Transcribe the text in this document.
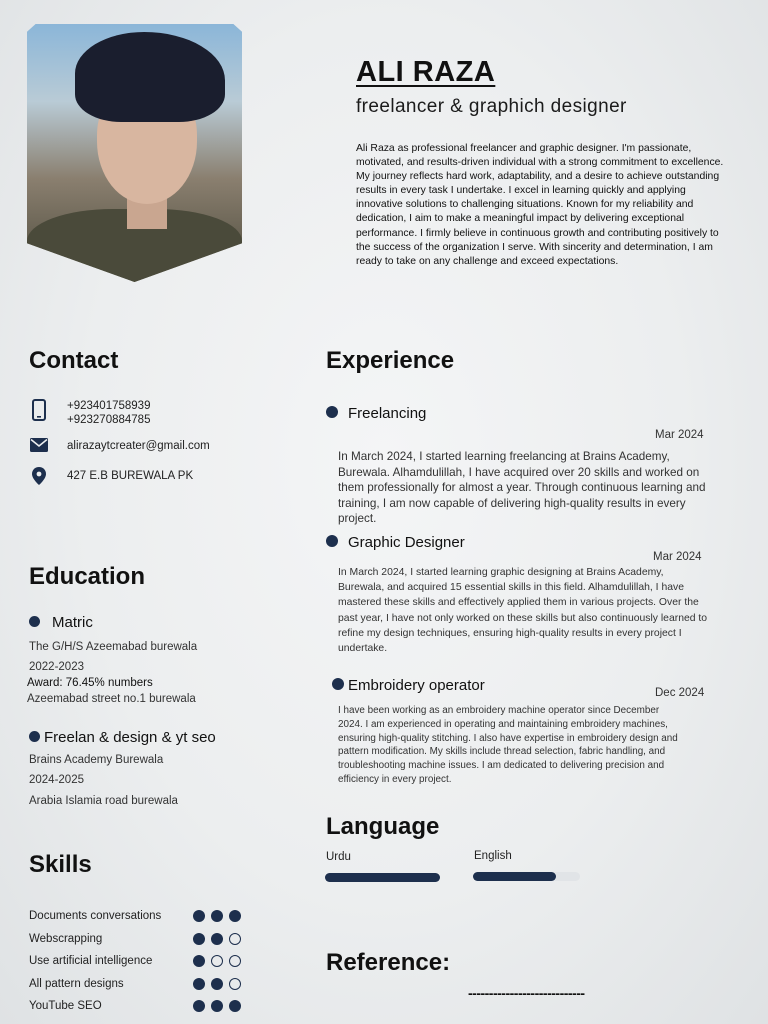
ALI RAZA
freelancer & graphich designer
Ali Raza as professional freelancer and graphic designer. I'm passionate, motivated, and results-driven individual with a strong commitment to excellence. My journey reflects hard work, adaptability, and a desire to achieve outstanding results in every task I undertake. I excel in learning quickly and applying innovative solutions to challenging situations. Known for my reliability and dedication, I aim to make a meaningful impact by delivering exceptional performance. I firmly believe in continuous growth and contributing positively to the success of the organization I serve. With sincerity and determination, I am ready to take on any challenge and exceed expectations.
Contact
+923401758939
+923270884785
alirazaytcreater@gmail.com
427 E.B BUREWALA PK
Education
Matric
The G/H/S Azeemabad burewala
2022-2023
Award: 76.45% numbers
Azeemabad street no.1 burewala
Freelan & design & yt seo
Brains Academy Burewala
2024-2025
Arabia Islamia road burewala
Skills
Documents conversations
Webscrapping
Use artificial intelligence
All pattern designs
YouTube SEO
Experience
Freelancing
Mar 2024
In March 2024, I started learning freelancing at Brains Academy, Burewala. Alhamdulillah, I have acquired over 20 skills and worked on them professionally for almost a year. Through continuous learning and training, I am now capable of delivering high-quality results in every project.
Graphic Designer
Mar 2024
In March 2024, I started learning graphic designing at Brains Academy, Burewala, and acquired 15 essential skills in this field. Alhamdulillah, I have mastered these skills and effectively applied them in various projects. Over the past year, I have not only worked on these skills but also continuously learned to refine my design techniques, ensuring high-quality results in every project I undertake.
Embroidery operator	Dec 2024
I have been working as an embroidery machine operator since December 2024. I am experienced in operating and maintaining embroidery machines, ensuring high-quality stitching. I also have expertise in embroidery design and pattern modification. My skills include thread selection, fabric handling, and troubleshooting machine issues. I am dedicated to delivering precision and efficiency in every project.
Language
Urdu	English
Reference:
----------------------------
